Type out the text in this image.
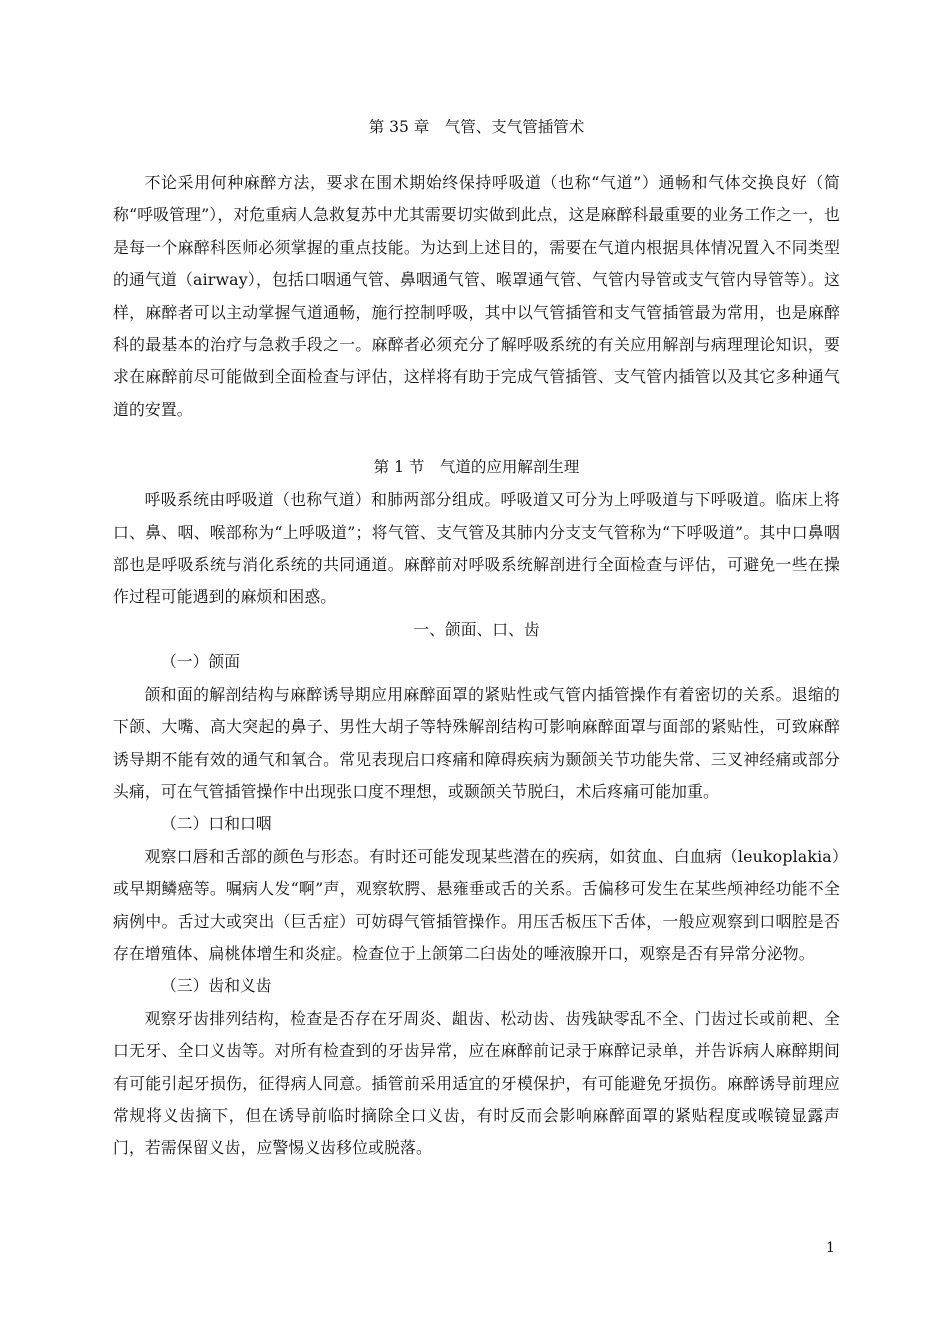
第 35 章　气管、支气管插管术

不论采用何种麻醉方法，要求在围术期始终保持呼吸道（也称“气道”）通畅和气体交换良好（简称“呼吸管理”），对危重病人急救复苏中尤其需要切实做到此点，这是麻醉科最重要的业务工作之一，也是每一个麻醉科医师必须掌握的重点技能。为达到上述目的，需要在气道内根据具体情况置入不同类型的通气道（airway），包括口咽通气管、鼻咽通气管、喉罩通气管、气管内导管或支气管内导管等）。这样，麻醉者可以主动掌握气道通畅，施行控制呼吸，其中以气管插管和支气管插管最为常用，也是麻醉科的最基本的治疗与急救手段之一。麻醉者必须充分了解呼吸系统的有关应用解剖与病理理论知识，要求在麻醉前尽可能做到全面检查与评估，这样将有助于完成气管插管、支气管内插管以及其它多种通气道的安置。

第 1 节　气道的应用解剖生理

呼吸系统由呼吸道（也称气道）和肺两部分组成。呼吸道又可分为上呼吸道与下呼吸道。临床上将口、鼻、咽、喉部称为“上呼吸道”；将气管、支气管及其肺内分支支气管称为“下呼吸道”。其中口鼻咽部也是呼吸系统与消化系统的共同通道。麻醉前对呼吸系统解剖进行全面检查与评估，可避免一些在操作过程可能遇到的麻烦和困惑。

一、颌面、口、齿

（一）颌面

颌和面的解剖结构与麻醉诱导期应用麻醉面罩的紧贴性或气管内插管操作有着密切的关系。退缩的下颌、大嘴、高大突起的鼻子、男性大胡子等特殊解剖结构可影响麻醉面罩与面部的紧贴性，可致麻醉诱导期不能有效的通气和氧合。常见表现启口疼痛和障碍疾病为颞颌关节功能失常、三叉神经痛或部分头痛，可在气管插管操作中出现张口度不理想，或颞颌关节脱臼，术后疼痛可能加重。

（二）口和口咽

观察口唇和舌部的颜色与形态。有时还可能发现某些潜在的疾病，如贫血、白血病（leukoplakia）或早期鳞癌等。嘱病人发“啊”声，观察软腭、悬雍垂或舌的关系。舌偏移可发生在某些颅神经功能不全病例中。舌过大或突出（巨舌症）可妨碍气管插管操作。用压舌板压下舌体，一般应观察到口咽腔是否存在增殖体、扁桃体增生和炎症。检查位于上颌第二臼齿处的唾液腺开口，观察是否有异常分泌物。

（三）齿和义齿

观察牙齿排列结构，检查是否存在牙周炎、龃齿、松动齿、齿残缺零乱不全、门齿过长或前耙、全口无牙、全口义齿等。对所有检查到的牙齿异常，应在麻醉前记录于麻醉记录单，并告诉病人麻醉期间有可能引起牙损伤，征得病人同意。插管前采用适宜的牙模保护，有可能避免牙损伤。麻醉诱导前理应常规将义齿摘下，但在诱导前临时摘除全口义齿，有时反而会影响麻醉面罩的紧贴程度或喉镜显露声门，若需保留义齿，应警惕义齿移位或脱落。

1
